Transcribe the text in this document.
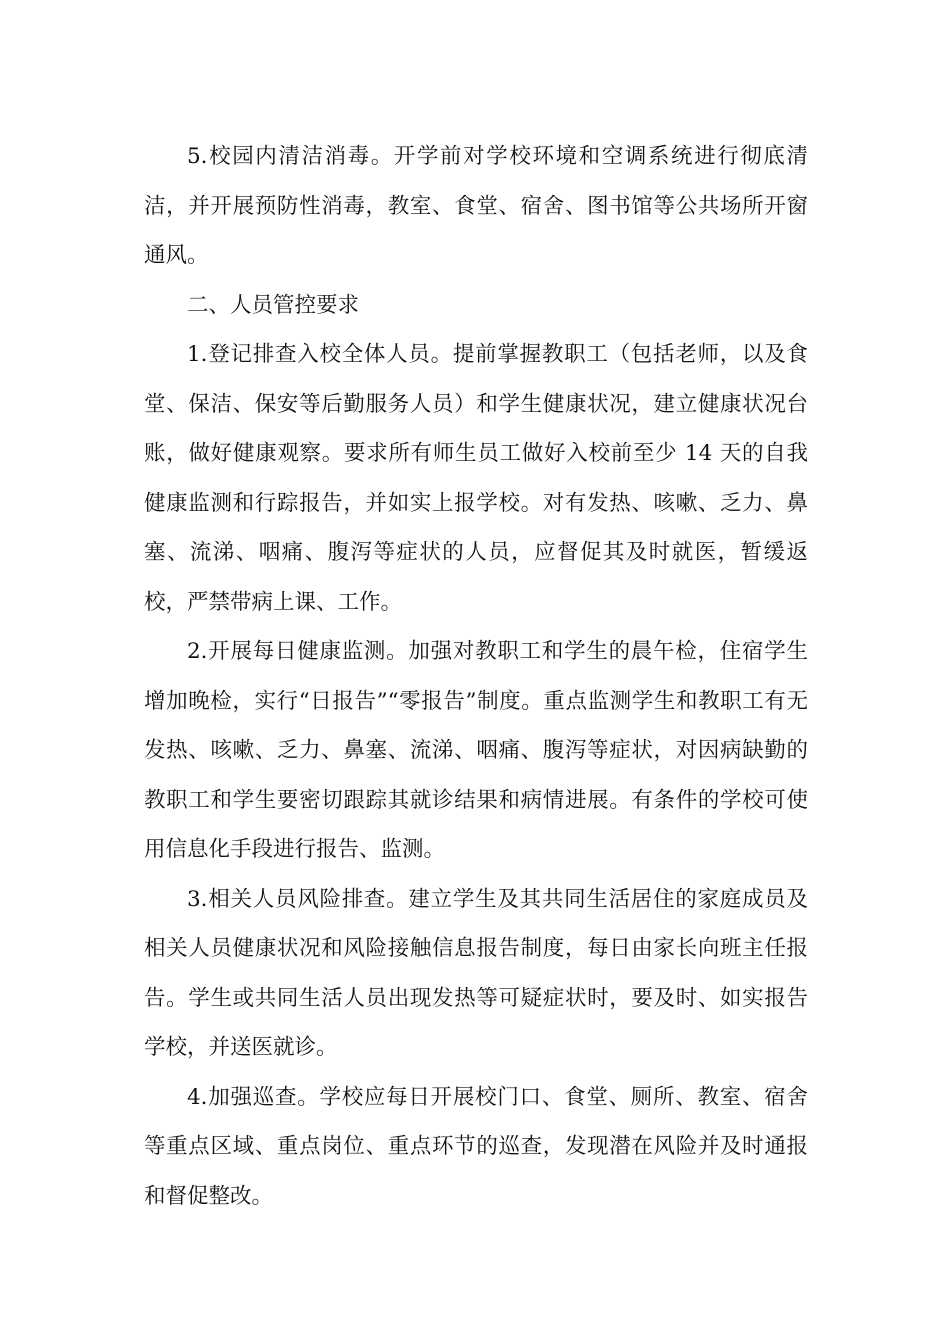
5.校园内清洁消毒。开学前对学校环境和空调系统进行彻底清洁，并开展预防性消毒，教室、食堂、宿舍、图书馆等公共场所开窗通风。

二、人员管控要求

1.登记排查入校全体人员。提前掌握教职工（包括老师，以及食堂、保洁、保安等后勤服务人员）和学生健康状况，建立健康状况台账，做好健康观察。要求所有师生员工做好入校前至少 14 天的自我健康监测和行踪报告，并如实上报学校。对有发热、咳嗽、乏力、鼻塞、流涕、咽痛、腹泻等症状的人员，应督促其及时就医，暂缓返校，严禁带病上课、工作。

2.开展每日健康监测。加强对教职工和学生的晨午检，住宿学生增加晚检，实行“日报告”“零报告”制度。重点监测学生和教职工有无发热、咳嗽、乏力、鼻塞、流涕、咽痛、腹泻等症状，对因病缺勤的教职工和学生要密切跟踪其就诊结果和病情进展。有条件的学校可使用信息化手段进行报告、监测。

3.相关人员风险排查。建立学生及其共同生活居住的家庭成员及相关人员健康状况和风险接触信息报告制度，每日由家长向班主任报告。学生或共同生活人员出现发热等可疑症状时，要及时、如实报告学校，并送医就诊。

4.加强巡查。学校应每日开展校门口、食堂、厕所、教室、宿舍等重点区域、重点岗位、重点环节的巡查，发现潜在风险并及时通报和督促整改。
